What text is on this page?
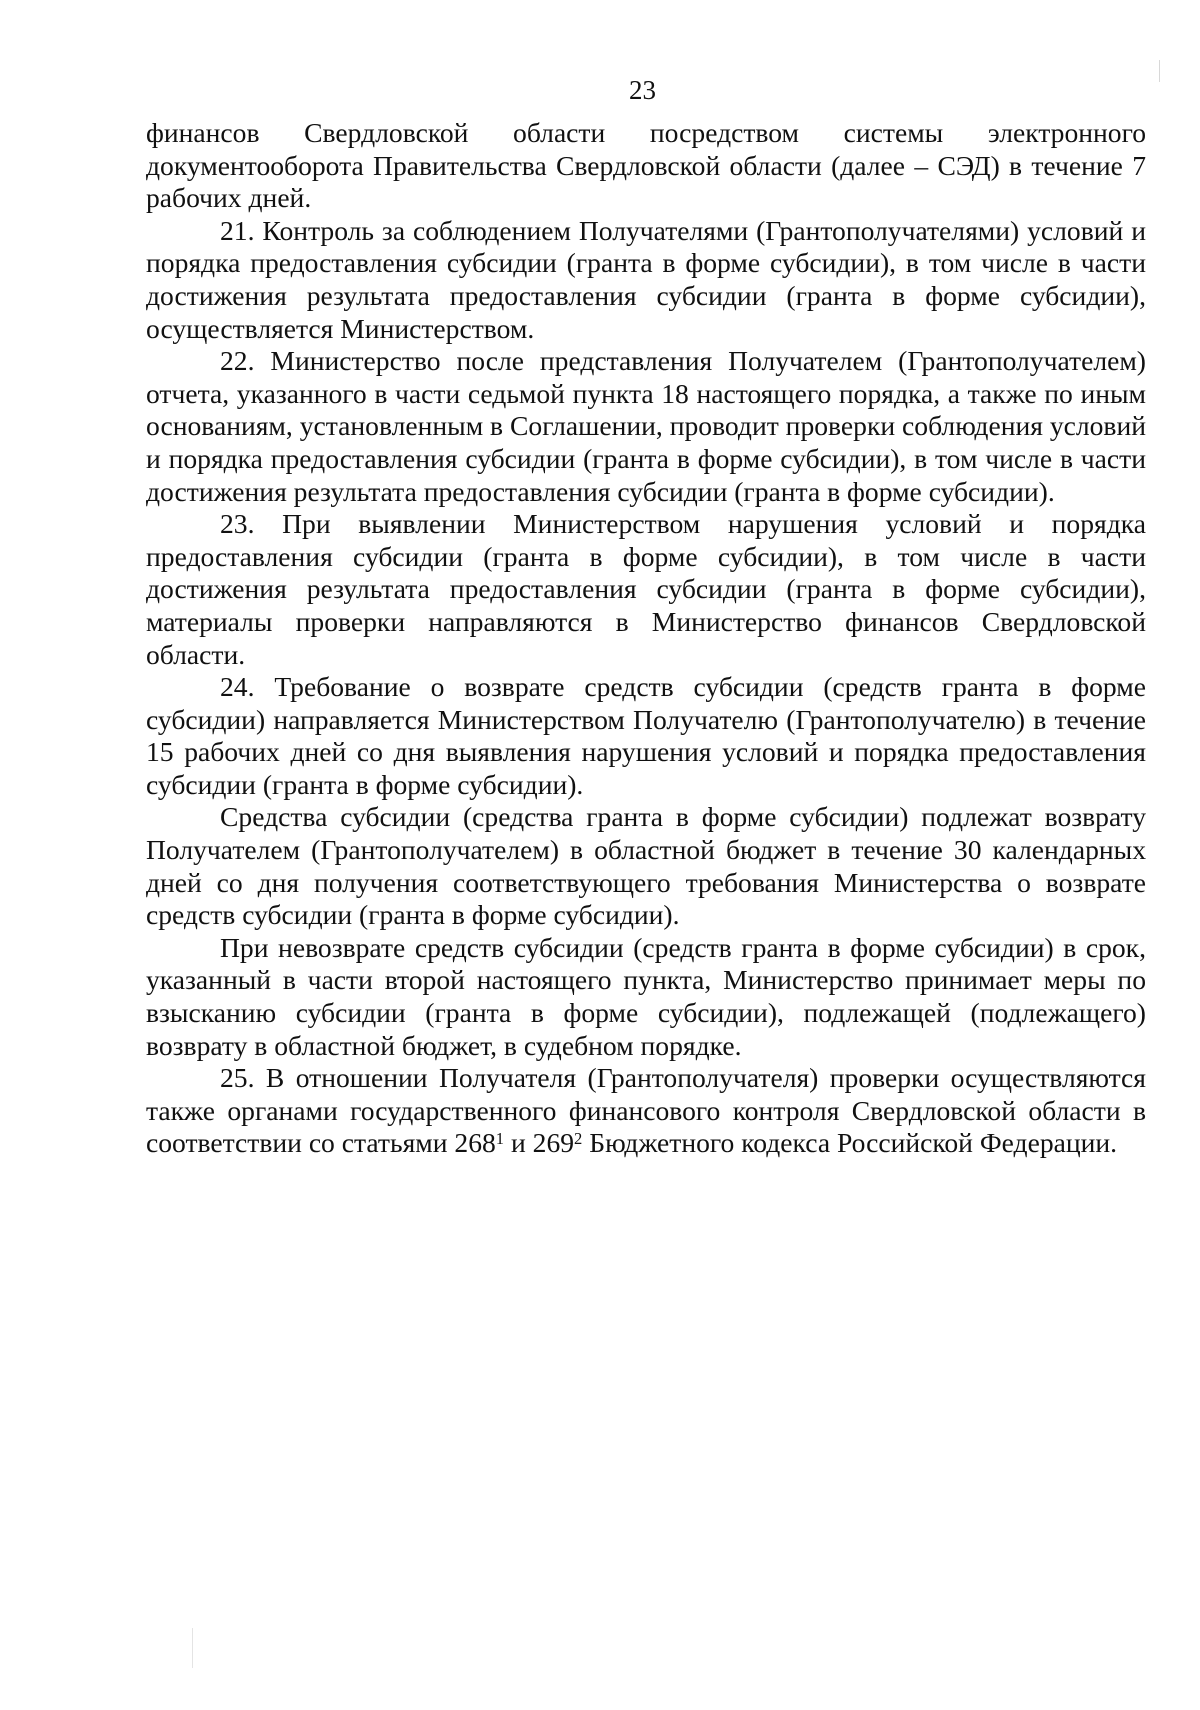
23

финансов Свердловской области посредством системы электронного документооборота Правительства Свердловской области (далее – СЭД) в течение 7 рабочих дней.

21. Контроль за соблюдением Получателями (Грантополучателями) условий и порядка предоставления субсидии (гранта в форме субсидии), в том числе в части достижения результата предоставления субсидии (гранта в форме субсидии), осуществляется Министерством.

22. Министерство после представления Получателем (Грантополучателем) отчета, указанного в части седьмой пункта 18 настоящего порядка, а также по иным основаниям, установленным в Соглашении, проводит проверки соблюдения условий и порядка предоставления субсидии (гранта в форме субсидии), в том числе в части достижения результата предоставления субсидии (гранта в форме субсидии).

23. При выявлении Министерством нарушения условий и порядка предоставления субсидии (гранта в форме субсидии), в том числе в части достижения результата предоставления субсидии (гранта в форме субсидии), материалы проверки направляются в Министерство финансов Свердловской области.

24. Требование о возврате средств субсидии (средств гранта в форме субсидии) направляется Министерством Получателю (Грантополучателю) в течение 15 рабочих дней со дня выявления нарушения условий и порядка предоставления субсидии (гранта в форме субсидии).

Средства субсидии (средства гранта в форме субсидии) подлежат возврату Получателем (Грантополучателем) в областной бюджет в течение 30 календарных дней со дня получения соответствующего требования Министерства о возврате средств субсидии (гранта в форме субсидии).

При невозврате средств субсидии (средств гранта в форме субсидии) в срок, указанный в части второй настоящего пункта, Министерство принимает меры по взысканию субсидии (гранта в форме субсидии), подлежащей (подлежащего) возврату в областной бюджет, в судебном порядке.

25. В отношении Получателя (Грантополучателя) проверки осуществляются также органами государственного финансового контроля Свердловской области в соответствии со статьями $268^1$ и $269^2$ Бюджетного кодекса Российской Федерации.
